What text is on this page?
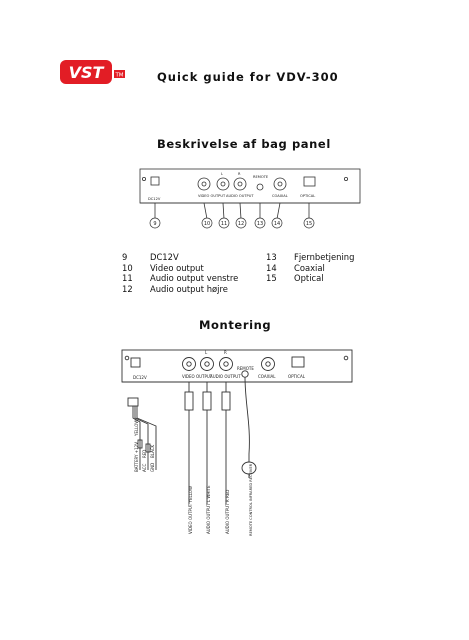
VST TM	Quick guide for VDV-300
Beskrivelse af bag panel
DC12V
VIDEO OUTPUT AUDIO OUTPUT
REMOTE
COAXIAL	OPTICAL
L	R
9	10 11 12	13 14	15
9	DC12V
10	Video output
11	Audio output venstre
12	Audio output højre
13	Fjernbetjening
14	Coaxial
15	Optical
Montering
DC12V	VIDEO OUTPUT
AUDIO OUTPUT
REMOTE
COAXIAL	OPTICAL
L	R
BATTERY +12V
YELLOW
ACC
RED
GND
BLACK
VIDEO OUTPUT YELLOW	AUDIO OUTPUT L WHITE	AUDIO OUTPUT R RED	REMOTE CONTROL INFRARED RECEIVER
